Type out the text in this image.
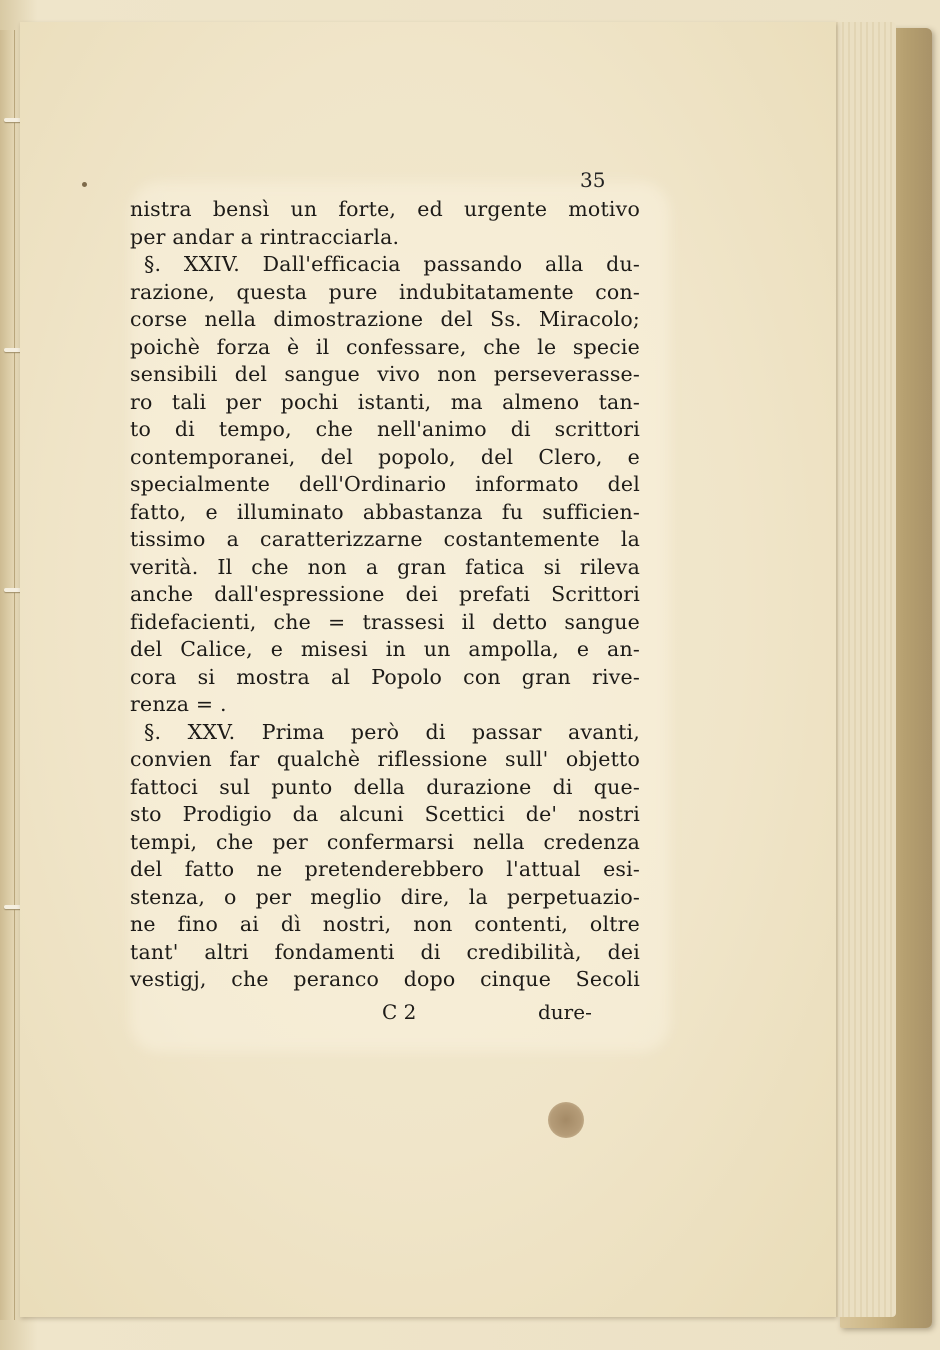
35

nistra bensì un forte, ed urgente motivo
per andar a rintracciarla.
§. XXIV. Dall'efficacia passando alla du-
razione, questa pure indubitatamente con-
corse nella dimostrazione del Ss. Miracolo;
poichè forza è il confessare, che le specie
sensibili del sangue vivo non perseverasse-
ro tali per pochi istanti, ma almeno tan-
to di tempo, che nell'animo di scrittori
contemporanei, del popolo, del Clero, e
specialmente dell'Ordinario informato del
fatto, e illuminato abbastanza fu sufficien-
tissimo a caratterizzarne costantemente la
verità. Il che non a gran fatica si rileva
anche dall'espressione dei prefati Scrittori
fidefacienti, che = trassesi il detto sangue
del Calice, e misesi in un ampolla, e an-
cora si mostra al Popolo con gran rive-
renza = .
§. XXV. Prima però di passar avanti,
convien far qualchè riflessione sull' objetto
fattoci sul punto della durazione di que-
sto Prodigio da alcuni Scettici de' nostri
tempi, che per confermarsi nella credenza
del fatto ne pretenderebbero l'attual esi-
stenza, o per meglio dire, la perpetuazio-
ne fino ai dì nostri, non contenti, oltre
tant' altri fondamenti di credibilità, dei
vestigj, che peranco dopo cinque Secoli
C 2	dure-
